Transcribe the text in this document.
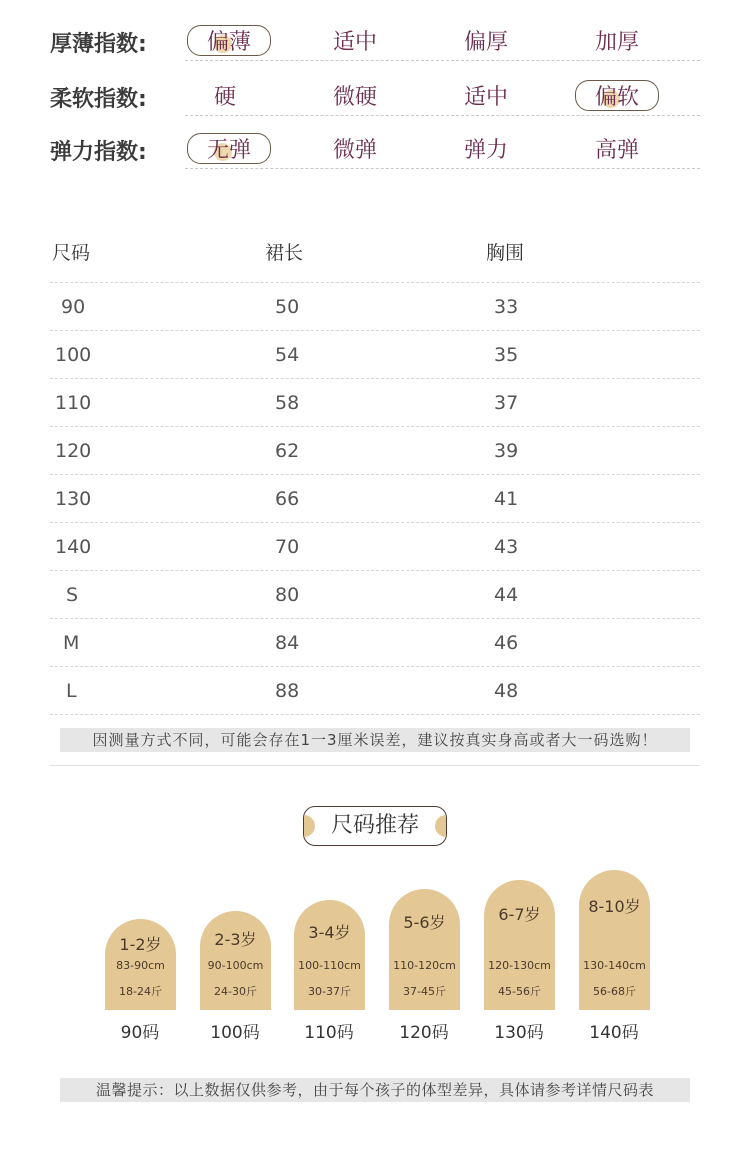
厚薄指数:	偏薄	适中	偏厚	加厚
柔软指数:	硬	微硬	适中	偏软
弹力指数:	无弹	微弹	弹力	高弹
尺码	裙长	胸围
90	50	33
100	54	35
110	58	37
120	62	39
130	66	41
140	70	43
S	80	44
M	84	46
L	88	48
因测量方式不同，可能会存在1一3厘米误差，建议按真实身高或者大一码选购！
尺码推荐
1-2岁
83-90cm
18-24斤
90码
2-3岁
90-100cm
24-30斤
100码
3-4岁
100-110cm
30-37斤
110码
5-6岁
110-120cm
37-45斤
120码
6-7岁
120-130cm
45-56斤
130码
8-10岁
130-140cm
56-68斤
140码
温馨提示：以上数据仅供参考，由于每个孩子的体型差异，具体请参考详情尺码表
